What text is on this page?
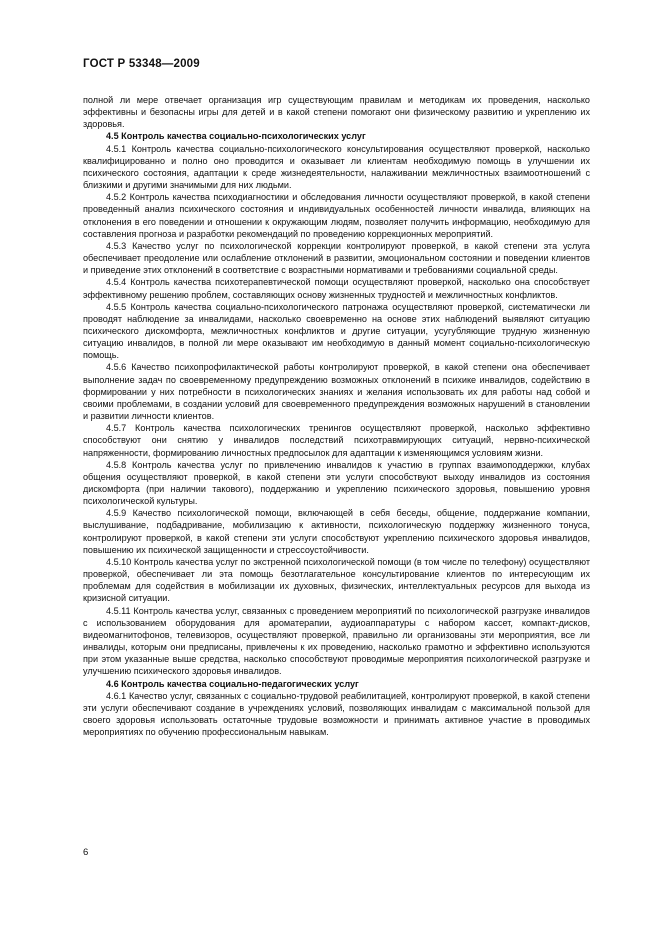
ГОСТ Р 53348—2009

полной ли мере отвечает организация игр существующим правилам и методикам их проведения, насколько эффективны и безопасны игры для детей и в какой степени помогают они физическому развитию и укреплению их здоровья.

4.5 Контроль качества социально-психологических услуг

4.5.1 Контроль качества социально-психологического консультирования осуществляют проверкой, насколько квалифицированно и полно оно проводится и оказывает ли клиентам необходимую помощь в улучшении их психического состояния, адаптации к среде жизнедеятельности, налаживании межличностных взаимоотношений с близкими и другими значимыми для них людьми.

4.5.2 Контроль качества психодиагностики и обследования личности осуществляют проверкой, в какой степени проведенный анализ психического состояния и индивидуальных особенностей личности инвалида, влияющих на отклонения в его поведении и отношении к окружающим людям, позволяет получить информацию, необходимую для составления прогноза и разработки рекомендаций по проведению коррекционных мероприятий.

4.5.3 Качество услуг по психологической коррекции контролируют проверкой, в какой степени эта услуга обеспечивает преодоление или ослабление отклонений в развитии, эмоциональном состоянии и поведении клиентов и приведение этих отклонений в соответствие с возрастными нормативами и требованиями социальной среды.

4.5.4 Контроль качества психотерапевтической помощи осуществляют проверкой, насколько она способствует эффективному решению проблем, составляющих основу жизненных трудностей и межличностных конфликтов.

4.5.5 Контроль качества социально-психологического патронажа осуществляют проверкой, систематически ли проводят наблюдение за инвалидами, насколько своевременно на основе этих наблюдений выявляют ситуацию психического дискомфорта, межличностных конфликтов и другие ситуации, усугубляющие трудную жизненную ситуацию инвалидов, в полной ли мере оказывают им необходимую в данный момент социально-психологическую помощь.

4.5.6 Качество психопрофилактической работы контролируют проверкой, в какой степени она обеспечивает выполнение задач по своевременному предупреждению возможных отклонений в психике инвалидов, содействию в формировании у них потребности в психологических знаниях и желания использовать их для работы над собой и своими проблемами, в создании условий для своевременного предупреждения возможных нарушений в становлении и развитии личности клиентов.

4.5.7 Контроль качества психологических тренингов осуществляют проверкой, насколько эффективно способствуют они снятию у инвалидов последствий психотравмирующих ситуаций, нервно-психической напряженности, формированию личностных предпосылок для адаптации к изменяющимся условиям жизни.

4.5.8 Контроль качества услуг по привлечению инвалидов к участию в группах взаимоподдержки, клубах общения осуществляют проверкой, в какой степени эти услуги способствуют выходу инвалидов из состояния дискомфорта (при наличии такового), поддержанию и укреплению психического здоровья, повышению уровня психологической культуры.

4.5.9 Качество психологической помощи, включающей в себя беседы, общение, поддержание компании, выслушивание, подбадривание, мобилизацию к активности, психологическую поддержку жизненного тонуса, контролируют проверкой, в какой степени эти услуги способствуют укреплению психического здоровья инвалидов, повышению их психической защищенности и стрессоустойчивости.

4.5.10 Контроль качества услуг по экстренной психологической помощи (в том числе по телефону) осуществляют проверкой, обеспечивает ли эта помощь безотлагательное консультирование клиентов по интересующим их проблемам для содействия в мобилизации их духовных, физических, интеллектуальных ресурсов для выхода из кризисной ситуации.

4.5.11 Контроль качества услуг, связанных с проведением мероприятий по психологической разгрузке инвалидов с использованием оборудования для ароматерапии, аудиоаппаратуры с набором кассет, компакт-дисков, видеомагнитофонов, телевизоров, осуществляют проверкой, правильно ли организованы эти мероприятия, все ли инвалиды, которым они предписаны, привлечены к их проведению, насколько грамотно и эффективно используются при этом указанные выше средства, насколько способствуют проводимые мероприятия психологической разгрузке и улучшению психического здоровья инвалидов.

4.6 Контроль качества социально-педагогических услуг

4.6.1 Качество услуг, связанных с социально-трудовой реабилитацией, контролируют проверкой, в какой степени эти услуги обеспечивают создание в учреждениях условий, позволяющих инвалидам с максимальной пользой для своего здоровья использовать остаточные трудовые возможности и принимать активное участие в проводимых мероприятиях по обучению профессиональным навыкам.

6
